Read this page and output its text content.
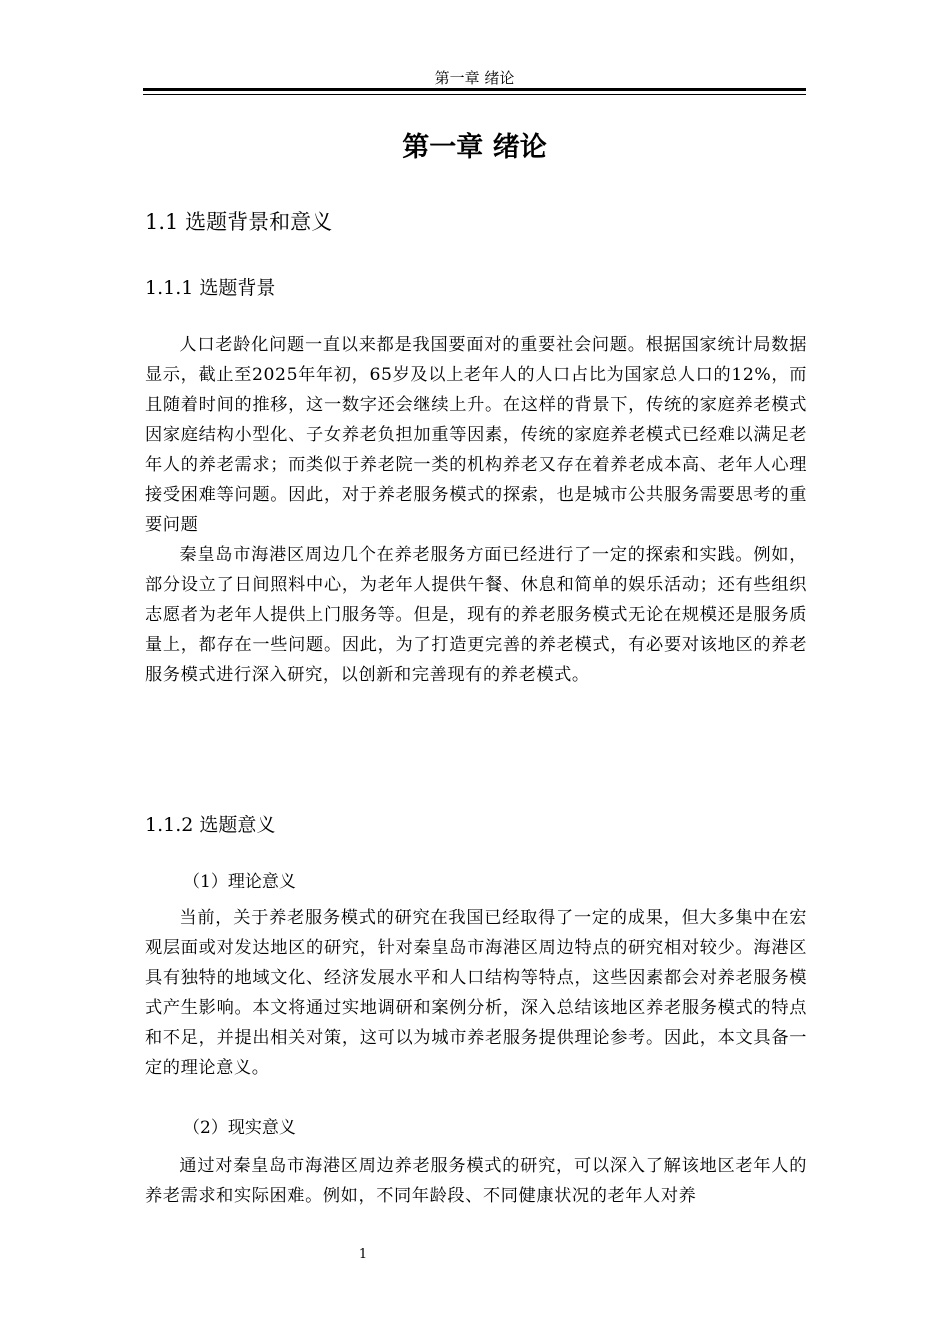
第一章 绪论
第一章 绪论
1.1 选题背景和意义
1.1.1 选题背景

人口老龄化问题一直以来都是我国要面对的重要社会问题。根据国家统计局数据显示，截止至2025年年初，65岁及以上老年人的人口占比为国家总人口的12%，而且随着时间的推移，这一数字还会继续上升。在这样的背景下，传统的家庭养老模式因家庭结构小型化、子女养老负担加重等因素，传统的家庭养老模式已经难以满足老年人的养老需求；而类似于养老院一类的机构养老又存在着养老成本高、老年人心理接受困难等问题。因此，对于养老服务模式的探索，也是城市公共服务需要思考的重要问题

秦皇岛市海港区周边几个在养老服务方面已经进行了一定的探索和实践。例如，部分设立了日间照料中心，为老年人提供午餐、休息和简单的娱乐活动；还有些组织志愿者为老年人提供上门服务等。但是，现有的养老服务模式无论在规模还是服务质量上，都存在一些问题。因此，为了打造更完善的养老模式，有必要对该地区的养老服务模式进行深入研究，以创新和完善现有的养老模式。

1.1.2 选题意义
（1）理论意义

当前，关于养老服务模式的研究在我国已经取得了一定的成果，但大多集中在宏观层面或对发达地区的研究，针对秦皇岛市海港区周边特点的研究相对较少。海港区具有独特的地域文化、经济发展水平和人口结构等特点，这些因素都会对养老服务模式产生影响。本文将通过实地调研和案例分析，深入总结该地区养老服务模式的特点和不足，并提出相关对策，这可以为城市养老服务提供理论参考。因此，本文具备一定的理论意义。

（2）现实意义

通过对秦皇岛市海港区周边养老服务模式的研究，可以深入了解该地区老年人的养老需求和实际困难。例如，不同年龄段、不同健康状况的老年人对养

1
